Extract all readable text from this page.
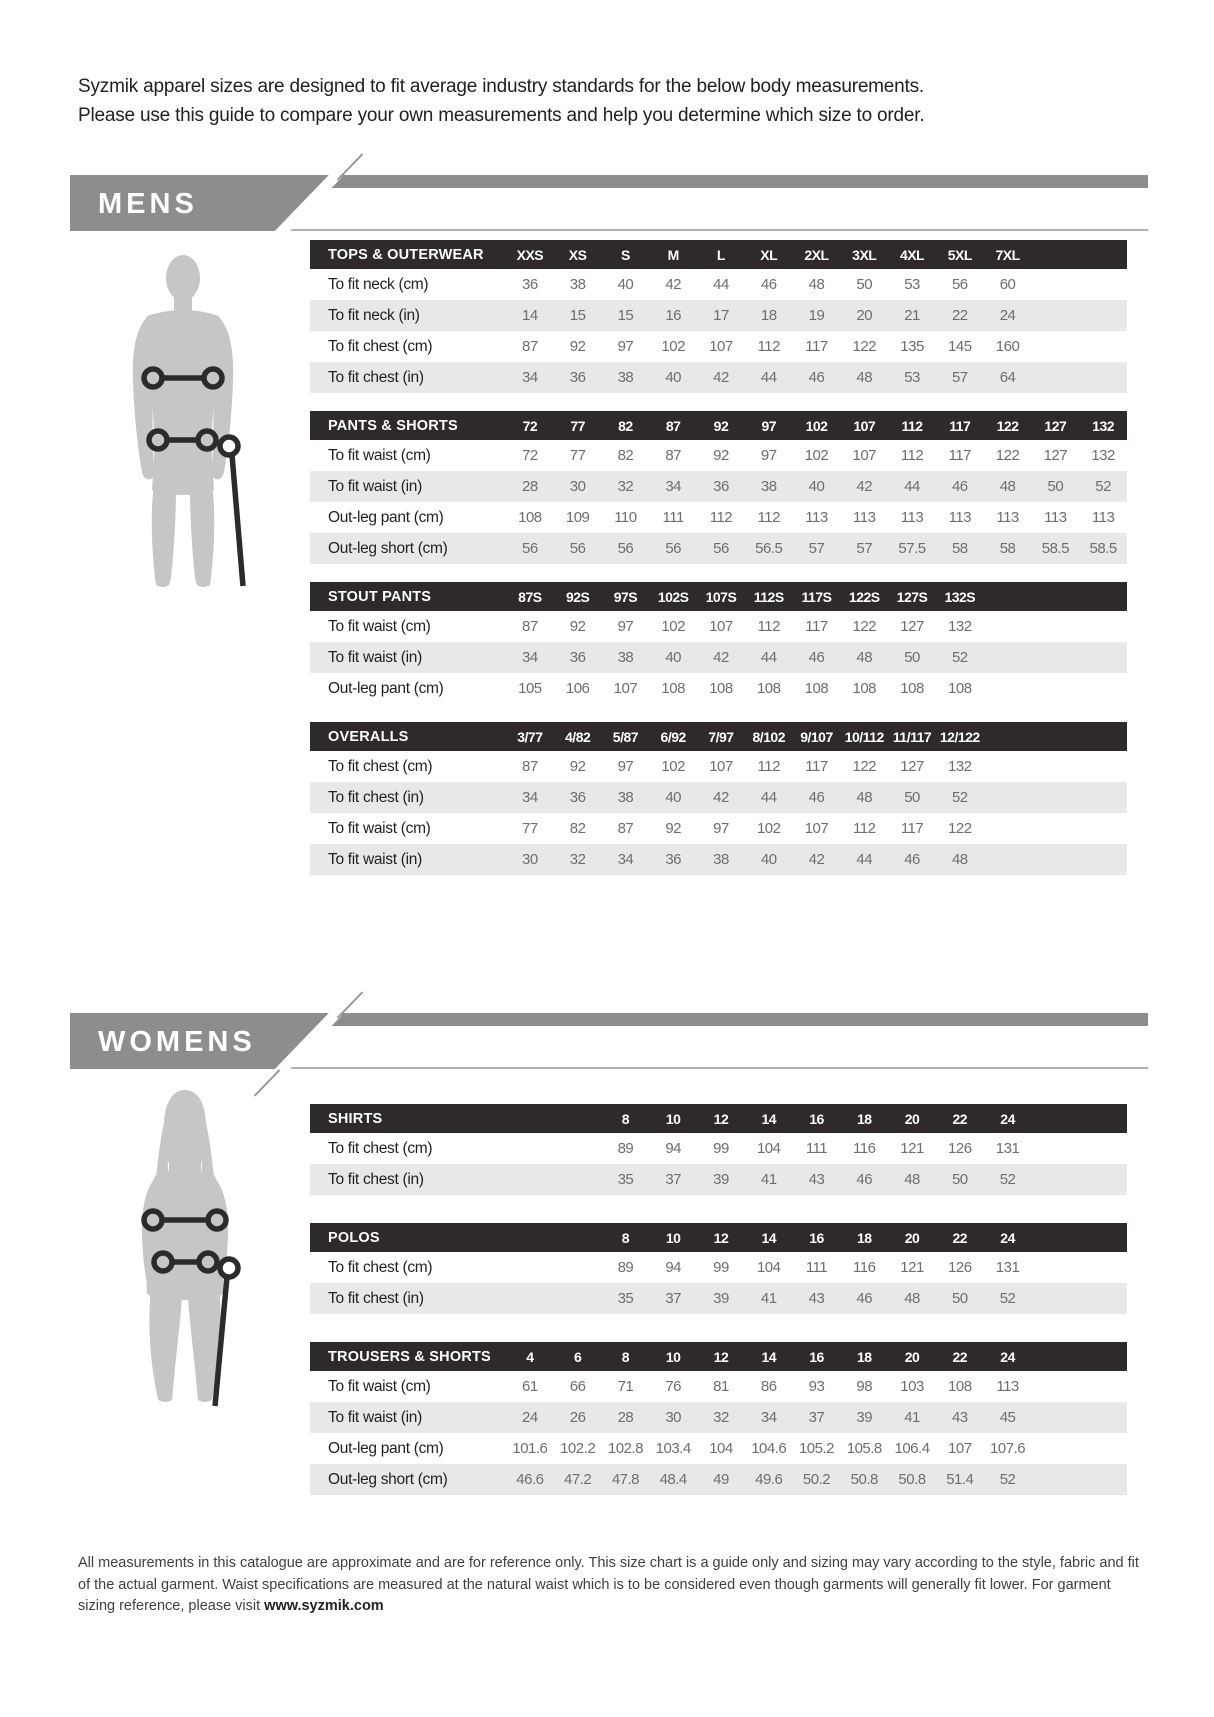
Syzmik apparel sizes are designed to fit average industry standards for the below body measurements.
Please use this guide to compare your own measurements and help you determine which size to order.
MENS
TOPS & OUTERWEAR	XXS	XS	S	M	L	XL	2XL	3XL	4XL	5XL	7XL
To fit neck (cm)	36	38	40	42	44	46	48	50	53	56	60
To fit neck (in)	14	15	15	16	17	18	19	20	21	22	24
To fit chest (cm)	87	92	97	102	107	112	117	122	135	145	160
To fit chest (in)	34	36	38	40	42	44	46	48	53	57	64
PANTS & SHORTS	72	77	82	87	92	97	102	107	112	117	122	127	132
To fit waist (cm)	72	77	82	87	92	97	102	107	112	117	122	127	132
To fit waist (in)	28	30	32	34	36	38	40	42	44	46	48	50	52
Out-leg pant (cm)	108	109	110	111	112	112	113	113	113	113	113	113	113
Out-leg short (cm)	56	56	56	56	56	56.5	57	57	57.5	58	58	58.5	58.5
STOUT PANTS	87S	92S	97S	102S	107S	112S	117S	122S	127S	132S
To fit waist (cm)	87	92	97	102	107	112	117	122	127	132
To fit waist (in)	34	36	38	40	42	44	46	48	50	52
Out-leg pant (cm)	105	106	107	108	108	108	108	108	108	108
OVERALLS	3/77	4/82	5/87	6/92	7/97	8/102	9/107 10/112 11/117 12/122
To fit chest (cm)	87	92	97	102	107	112	117	122	127	132
To fit chest (in)	34	36	38	40	42	44	46	48	50	52
To fit waist (cm)	77	82	87	92	97	102	107	112	117	122
To fit waist (in)	30	32	34	36	38	40	42	44	46	48
WOMENS
SHIRTS	8	10	12	14	16	18	20	22	24
To fit chest (cm)	89	94	99	104	111	116	121	126	131
To fit chest (in)	35	37	39	41	43	46	48	50	52
POLOS	8	10	12	14	16	18	20	22	24
To fit chest (cm)	89	94	99	104	111	116	121	126	131
To fit chest (in)	35	37	39	41	43	46	48	50	52
TROUSERS & SHORTS	4	6	8	10	12	14	16	18	20	22	24
To fit waist (cm)	61	66	71	76	81	86	93	98	103	108	113
To fit waist (in)	24	26	28	30	32	34	37	39	41	43	45
Out-leg pant (cm)	101.6 102.2 102.8 103.4	104	104.6 105.2 105.8 106.4	107	107.6
Out-leg short (cm)	46.6	47.2	47.8	48.4	49	49.6	50.2	50.8	50.8	51.4	52
All measurements in this catalogue are approximate and are for reference only. This size chart is a guide only and sizing may vary according to the style, fabric and fit of the actual garment. Waist specifications are measured at the natural waist which is to be considered even though garments will generally fit lower. For garment sizing reference, please visit www.syzmik.com
